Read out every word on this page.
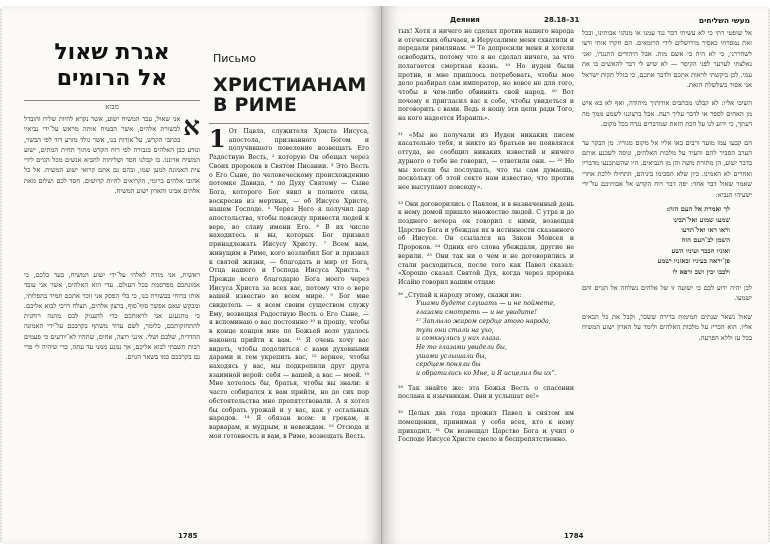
אגרת שאול
אל הרומים
מבוא
א
אני שאול, עבד המשיח ישוע, אשר נקרא להיות שליח והובדל לבשורת אלהים, אשר הבטיח אותה מראש על־ידי נביאיו בכתבי הקדש, על־אודות בנו, אשר נולד מזרע דוד לפי הבשר, ונודע כבן האלהים בגבורה לפי רוח הקדש מתוך תחית המתים, ישוע המשיח אדוננו. בו קבלנו חסד ושליחות להביא אנשים מכל הגוים לידי צית האמונה למען שמו, ובהם גם אתם קרואי ישוע המשיח. אל כל אהובי אלהים ברומי, הקרואים להיות קדושים. חסד לכם ושלום מאת אלהים אבינו והאדון ישוע המשיח.
ראשית, אני מודה לאלהי על־ידי ישוע המשיח, בעד כלכם, כי אמונתכם מפרסמת בכל העולם. עדי הוא האלהים, אשר אני עובד אותו ברוחי בבשורת בנו, כי בלי הפסק אני זוכר אתכם תמיד בתפלותי, ומבקש שאם אפשר סוף־סוף, ברצון אלהים, תצלח דרכי לבוא אליכם. כי מתגעגע אני לראותכם כדי להעניק לכם מתנה רוחנית להתחזקותכם, כלומר, לשם עדוד משתף בקרבכם על־ידי האמונה ההדדית, שלכם ושלי. אינני רוצה, אחים, שתהיו לא־יודעים כי פעמים רבות חשבתי לבוא אליכם, אך נמנע ממני עד עתה, כדי שיהיה לי פרי גם בקרבכם כמו בשאר הגוים.
Письмо
ХРИСТИАНАМ
В РИМЕ
1 От Павла, служителя Христа Иисуса, апостола, призванного Богом и получившего повеление возвещать Его Радостную Весть, ² которую Он обещал через Своих пророков в Святом Писании. ³ Это Весть о Его Сыне, по человеческому происхождению потомке Давида, ⁴ по Духу Святому — Сыне Бога, которого Бог явил в полноте силы, воскресив из мертвых, — об Иисусе Христе, нашем Господе. ⁵ Через Него я получил дар апостольства, чтобы повсюду привести людей к вере, во славу имени Его. ⁶ В их числе находитесь и вы, которых Бог призвал принадлежать Иисусу Христу. ⁷ Всем вам, живущим в Риме, кого возлюбил Бог и призвал к святой жизни, — благодать и мир от Бога, Отца нашего и Господа Иисуса Христа. ⁸ Прежде всего благодарю Бога моего через Иисуса Христа за всех вас, потому что о вере вашей известно во всем мире. ⁹ Бог мне свидетель — я всем своим существом служу Ему, возвещая Радостную Весть о Его Сыне, — я вспоминаю о вас постоянно ¹⁰ и прошу, чтобы в конце концов мне по Божьей воле удалось наконец прийти к вам. ¹¹ Я очень хочу вас видеть, чтобы поделиться с вами духовными дарами и тем укрепить вас, ¹² вернее, чтобы находясь у вас, мы подкрепили друг друга взаимной верой: себя — вашей, а вас — моей. ¹³ Мне хотелось бы, братья, чтобы вы знали: я часто собирался к вам прийти, но до сих пор обстоятельства мне препятствовали. А я хотел бы собрать урожай и у вас, как у остальных народов. ¹⁴ Я обязан всем: и грекам, и варварам, и мудрым, и невеждам. ¹⁵ Отсюда и моя готовность и вам, в Риме, возвещать Весть.
1785
Деяния	28.18–31	מעשי השליחים
тых! Хотя я ничего не сделал против нашего народа и отеческих обычаев, в Иерусалиме меня схватили и передали римлянам. ¹⁸ Те допросили меня и хотели освободить, потому что я не сделал ничего, за что полагается смертная казнь. ¹⁹ Но иудеи были против, и мне пришлось потребовать, чтобы мое дело разбирал сам император, но вовсе не для того, чтобы в чем-либо обвинить свой народ. ²⁰ Вот почему я пригласил вас к себе, чтобы увидеться и поговорить с вами. Ведь я ношу эти цепи ради Того, на кого надеется Израиль».
²¹ «Мы не получали из Иудеи никаких писем касательно тебя, и никто из братьев не появлялся оттуда, не сообщил никаких известий и ничего дурного о тебе не говорил, — ответили они. — ²² Но мы хотели бы послушать, что ты сам думаешь, поскольку об этой секте нам известно, что против нее выступают повсюду».
²³ Они договорились с Павлом, и в назначенный день к нему домой пришло множество людей. С утра и до позднего вечера он говорил с ними, возвещая Царство Бога и убеждая их в истинности сказанного об Иисусе. Он ссылался на Закон Моисея и Пророков. ²⁴ Одних его слова убеждали, другие не верили. ²⁵ Они так ни о чем и не договорились и стали расходиться, после того как Павел сказал: «Хорошо сказал Святой Дух, когда через пророка Исайю говорил вашим отцам:
²⁶ „Ступай к народу этому, скажи им:
Ушами будете слушать — и не поймете,
глазами смотреть — и не увидите!
²⁷ Заплыло жиром сердце этого народа,
туги они стали на ухо,
и сомкнулись у них глаза.
Не то глазами увидели бы,
ушами услышали бы,
сердцем поняли бы
и обратились ко Мне, и Я исцелил бы их“.
²⁸ Так знайте же: эта Божья Весть о спасении послана к язычникам. Они и услышат ее!»
³⁰ Целых два года прожил Павел в снятом им помещении, принимая у себя всех, кто к нему приходил. ³¹ Он возвещал Царство Бога и учил о Господе Иисусе Христе смело и беспрепятственно.
אל שופטי דתי כי לא עשיתי דבר נגד עמנו או מנהגי אבותינו, ובכל זאת נמסרתי כאסיר מירושלים לידי הרומאים. הם חקרו אותי ורצו לשחררני, כי לא היה בי אשם מות. אבל היהודים התנגדו, ואני נאלצתי לערער לפני הקיסר — לא שיש לי דבר להאשים בו את עמי. לכן ביקשתי לראות אתכם ולדבר אתכם, כי בגלל תקות ישראל אני אסור בשלשלת הזאת.
השיבו אליו: לא קבלנו מכתבים אודותיך מיהודה, ואף לא בא איש מן האחים לספר או לדבר עליך רעה. אבל ברצוננו לשמע ממך מה דעתך, כי ידוע לנו על הכת הזאת שמדברים נגדה בכל מקום.
הם קבעו עמו מועד ורבים באו אליו אל מקום מגוריו. מן הבקר עד הערב הסביר להם והעיד על מלכות האלהים, וניסה לשכנע אותם בדבר ישוע, הן מתורת משה והן מן הנביאים. היו שהשתכנעו מדבריו ואחרים לא האמינו. כיון שלא הסכימו ביניהם, התחילו ללכת אחרי שאמר שאול דבר אחד: יפה דבר רוח הקדש אל אבותיכם על־ידי ישעיהו הנביא:
לך ואמרת אל העם הזה:
שמעו שמוע ואל־תבינו
וראו ראו ואל־תדעו
השמן לב־העם הזה
ואזניו הכבד ועיניו השע
פן־יראה בעיניו ובאזניו ישמע
ולבבו יבין ושב ורפא לו
לכן יהיה ידוע לכם כי ישועה זו של אלהים נשלחה אל הגוים והם ישמעו.
שאול נשאר שנתים תמימות בדירה ששכר, וקבל את כל הבאים אליו. הוא הכריז על מלכות האלהים ולימד על האדון ישוע המשיח בכל עז וללא הפרעה.
1784
